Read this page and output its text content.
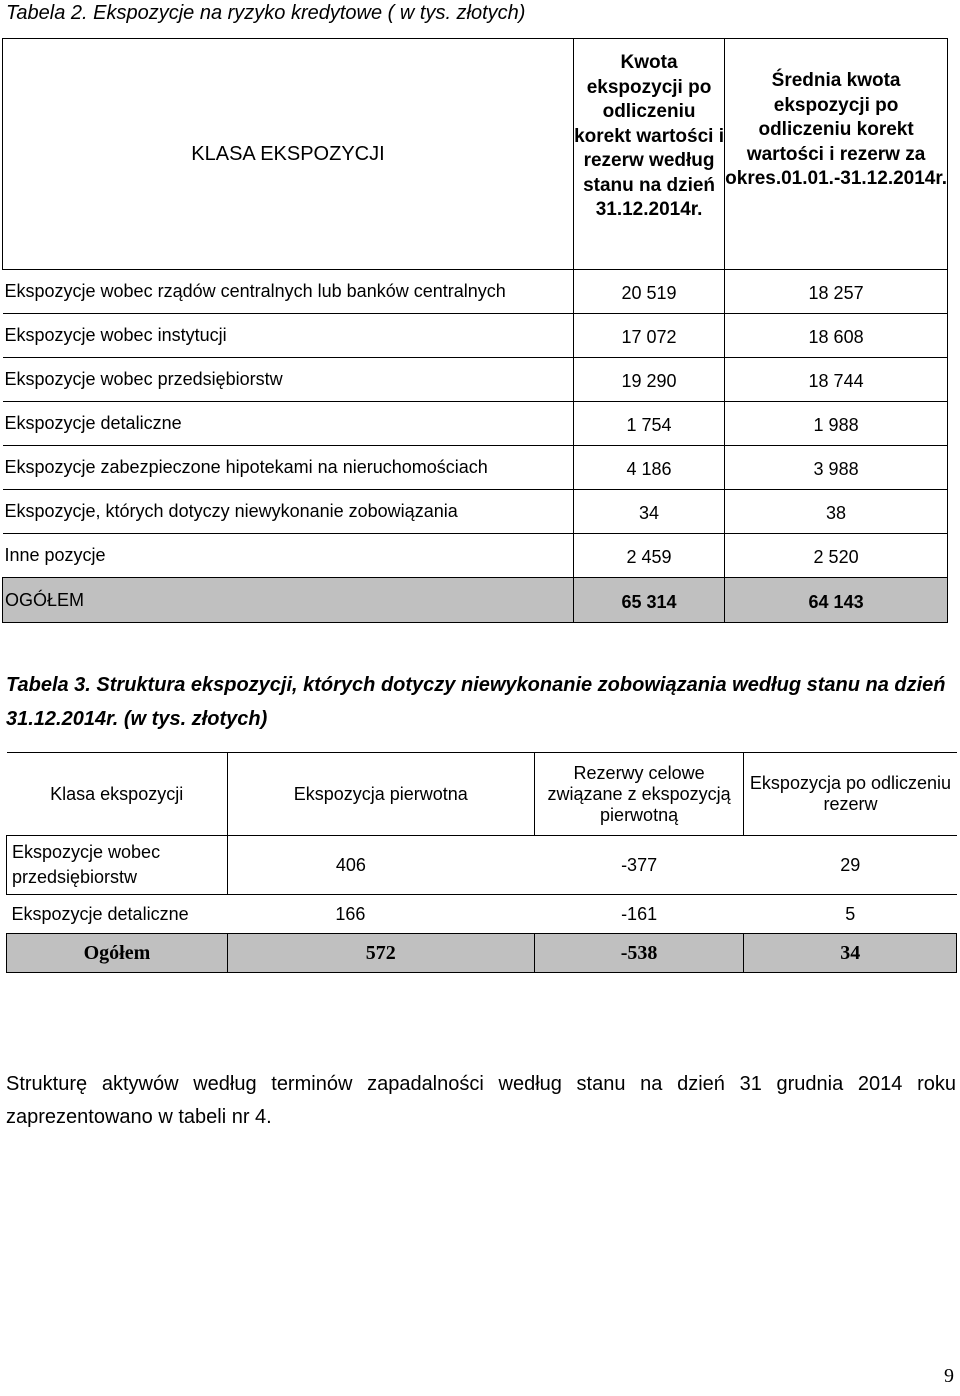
Tabela 2. Ekspozycje na ryzyko kredytowe ( w tys. złotych)
KLASA EKSPOZYCJI	Kwota ekspozycji po odliczeniu korekt wartości i rezerw według stanu na dzień 31.12.2014r.	Średnia kwota ekspozycji po odliczeniu korekt wartości i rezerw za okres.01.01.-31.12.2014r.
Ekspozycje wobec rządów centralnych lub banków centralnych	20 519	18 257
Ekspozycje wobec instytucji	17 072	18 608
Ekspozycje wobec przedsiębiorstw	19 290	18 744
Ekspozycje detaliczne	1 754	1 988
Ekspozycje zabezpieczone hipotekami na nieruchomościach	4 186	3 988
Ekspozycje, których dotyczy niewykonanie zobowiązania	34	38
Inne pozycje	2 459	2 520
OGÓŁEM	65 314	64 143
Tabela 3. Struktura ekspozycji, których dotyczy niewykonanie zobowiązania według stanu na dzień 31.12.2014r. (w tys. złotych)
Klasa ekspozycji	Ekspozycja pierwotna	Rezerwy celowe związane z ekspozycją pierwotną	Ekspozycja po odliczeniu rezerw
Ekspozycje wobec przedsiębiorstw	406	-377	29
Ekspozycje detaliczne	166	-161	5
Ogółem	572	-538	34
Strukturę aktywów według terminów zapadalności według stanu na dzień 31 grudnia 2014 roku zaprezentowano w tabeli nr 4.
9
